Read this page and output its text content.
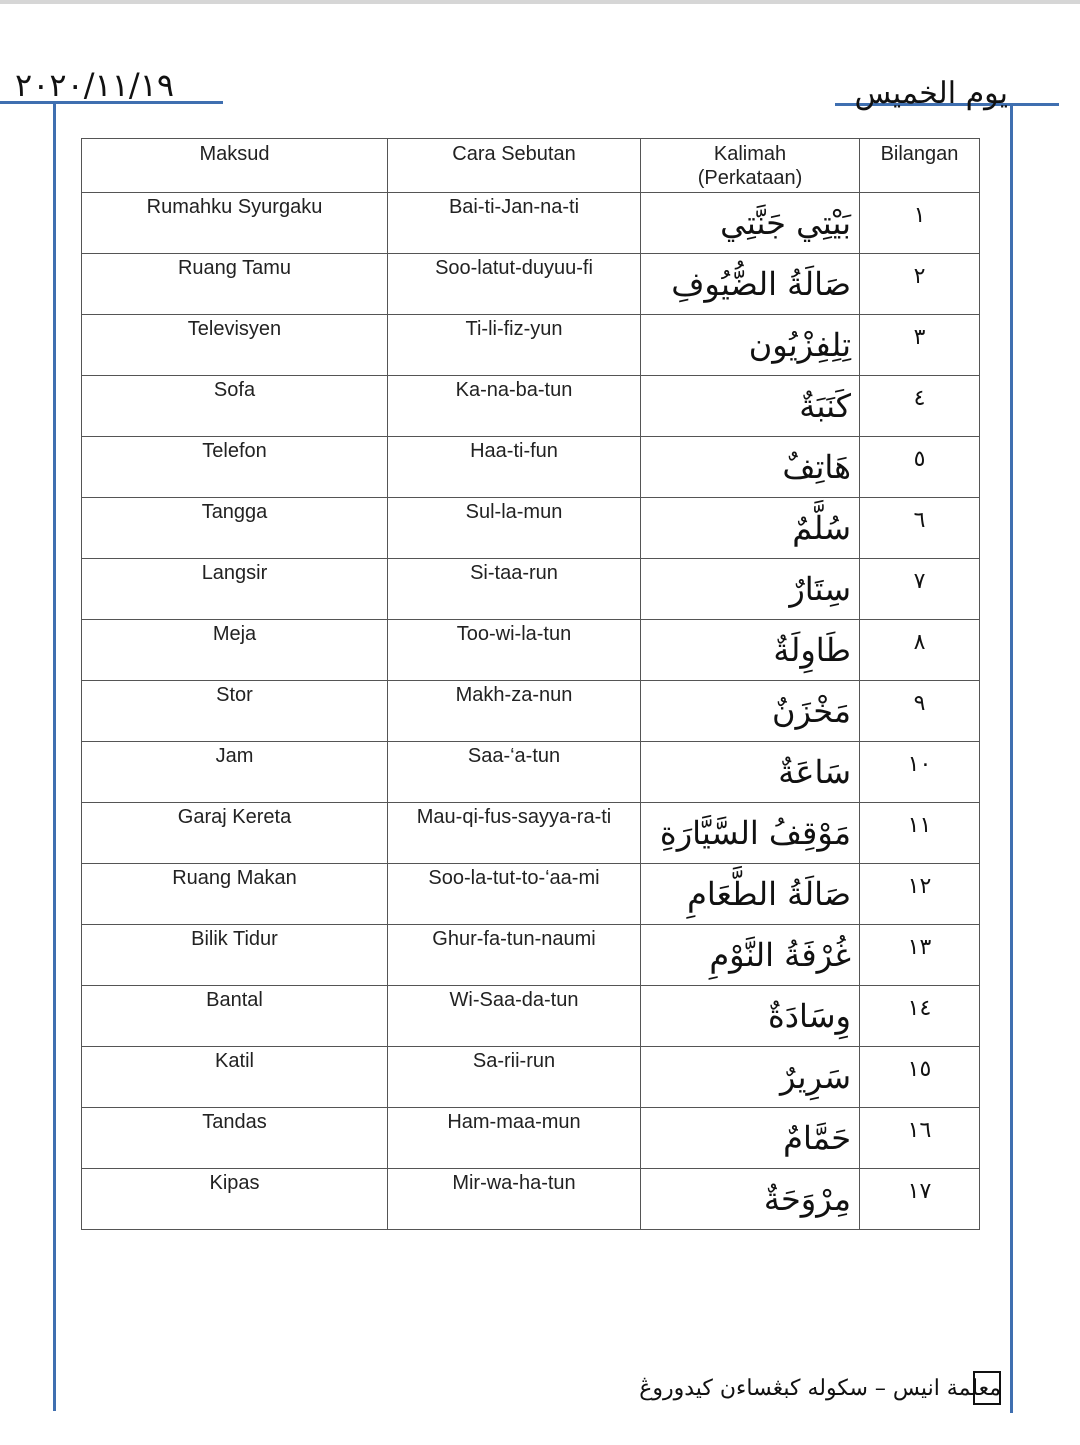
٢٠٢٠/١١/١٩	يوم الخميس
Maksud	Cara Sebutan	Kalimah (Perkataan)	Bilangan
Rumahku Syurgaku	Bai-ti-Jan-na-ti	بَيْتِي جَنَّتِي	١
Ruang Tamu	Soo-latut-duyuu-fi	صَالَةُ الضُّيُوفِ	٢
Televisyen	Ti-li-fiz-yun	تِلِفِزْيُون	٣
Sofa	Ka-na-ba-tun	كَنَبَةٌ	٤
Telefon	Haa-ti-fun	هَاتِفٌ	٥
Tangga	Sul-la-mun	سُلَّمٌ	٦
Langsir	Si-taa-run	سِتَارٌ	٧
Meja	Too-wi-la-tun	طَاوِلَةٌ	٨
Stor	Makh-za-nun	مَخْزَنٌ	٩
Jam	Saa-‘a-tun	سَاعَةٌ	١٠
Garaj Kereta	Mau-qi-fus-sayya-ra-ti	مَوْقِفُ السَّيَّارَةِ	١١
Ruang Makan	Soo-la-tut-to-‘aa-mi	صَالَةُ الطَّعَامِ	١٢
Bilik Tidur	Ghur-fa-tun-naumi	غُرْفَةُ النَّوْمِ	١٣
Bantal	Wi-Saa-da-tun	وِسَادَةٌ	١٤
Katil	Sa-rii-run	سَرِيرٌ	١٥
Tandas	Ham-maa-mun	حَمَّامٌ	١٦
Kipas	Mir-wa-ha-tun	مِرْوَحَةٌ	١٧
معلمة انيس – سكوله كبڠساءن كيدوروڠ
